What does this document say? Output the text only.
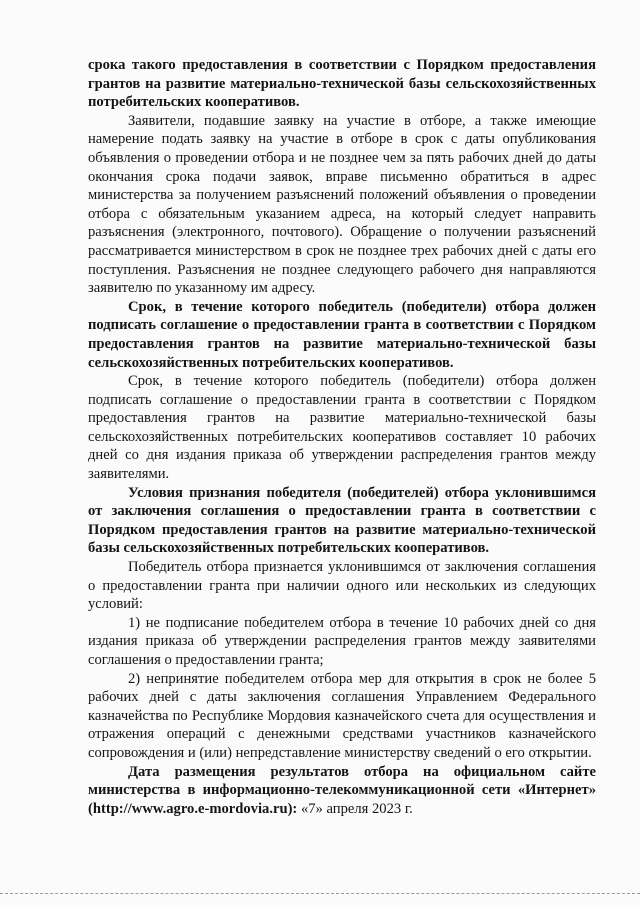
срока такого предоставления в соответствии с Порядком предоставления грантов на развитие материально-технической базы сельскохозяйственных потребительских кооперативов.

Заявители, подавшие заявку на участие в отборе, а также имеющие намерение подать заявку на участие в отборе в срок с даты опубликования объявления о проведении отбора и не позднее чем за пять рабочих дней до даты окончания срока подачи заявок, вправе письменно обратиться в адрес министерства за получением разъяснений положений объявления о проведении отбора с обязательным указанием адреса, на который следует направить разъяснения (электронного, почтового). Обращение о получении разъяснений рассматривается министерством в срок не позднее трех рабочих дней с даты его поступления. Разъяснения не позднее следующего рабочего дня направляются заявителю по указанному им адресу.

Срок, в течение которого победитель (победители) отбора должен подписать соглашение о предоставлении гранта в соответствии с Порядком предоставления грантов на развитие материально-технической базы сельскохозяйственных потребительских кооперативов.

Срок, в течение которого победитель (победители) отбора должен подписать соглашение о предоставлении гранта в соответствии с Порядком предоставления грантов на развитие материально-технической базы сельскохозяйственных потребительских кооперативов составляет 10 рабочих дней со дня издания приказа об утверждении распределения грантов между заявителями.

Условия признания победителя (победителей) отбора уклонившимся от заключения соглашения о предоставлении гранта в соответствии с Порядком предоставления грантов на развитие материально-технической базы сельскохозяйственных потребительских кооперативов.

Победитель отбора признается уклонившимся от заключения соглашения о предоставлении гранта при наличии одного или нескольких из следующих условий:

1) не подписание победителем отбора в течение 10 рабочих дней со дня издания приказа об утверждении распределения грантов между заявителями соглашения о предоставлении гранта;

2) непринятие победителем отбора мер для открытия в срок не более 5 рабочих дней с даты заключения соглашения Управлением Федерального казначейства по Республике Мордовия казначейского счета для осуществления и отражения операций с денежными средствами участников казначейского сопровождения и (или) непредставление министерству сведений о его открытии.

Дата размещения результатов отбора на официальном сайте министерства в информационно-телекоммуникационной сети «Интернет» (http://www.agro.e-mordovia.ru): «7» апреля 2023 г.
